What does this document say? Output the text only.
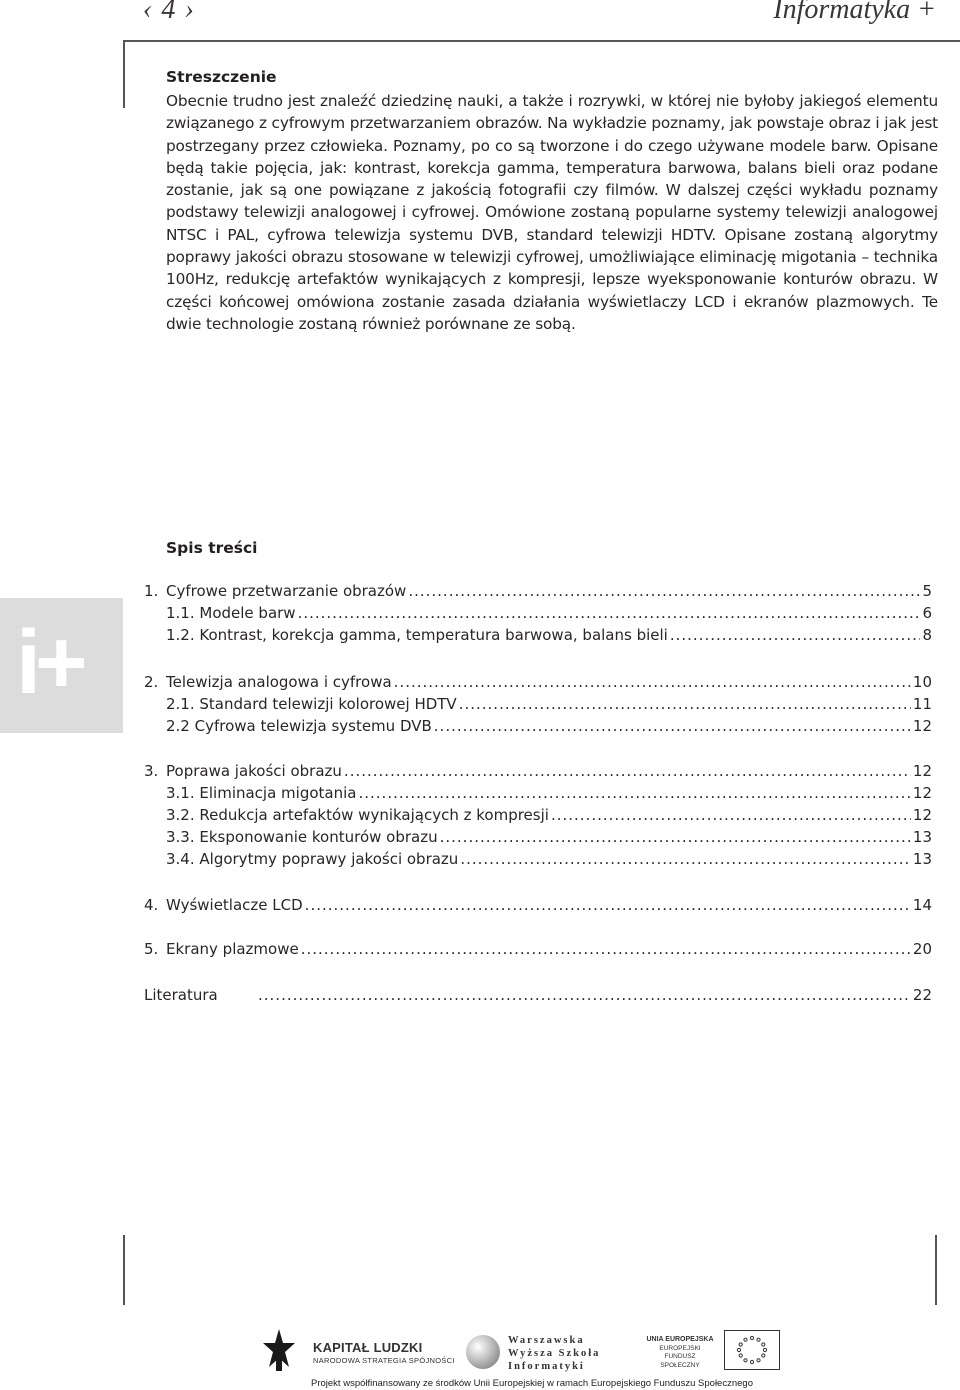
‹ 4 ›	Informatyka +
Streszczenie

Obecnie trudno jest znaleźć dziedzinę nauki, a także i rozrywki, w której nie byłoby jakiegoś elementu związanego z cyfrowym przetwarzaniem obrazów. Na wykładzie poznamy, jak powstaje obraz i jak jest postrzegany przez człowieka. Poznamy, po co są tworzone i do czego używane modele barw. Opisane będą takie pojęcia, jak: kontrast, korekcja gamma, temperatura barwowa, balans bieli oraz podane zostanie, jak są one powiązane z jakością fotografii czy filmów. W dalszej części wykładu poznamy podstawy telewizji analogowej i cyfrowej. Omówione zostaną popularne systemy telewizji analogowej NTSC i PAL, cyfrowa telewizja systemu DVB, standard telewizji HDTV. Opisane zostaną algorytmy poprawy jakości obrazu stosowane w telewizji cyfrowej, umożliwiające eliminację migotania – technika 100Hz, redukcję artefaktów wynikających z kompresji, lepsze wyeksponowanie konturów obrazu. W części końcowej omówiona zostanie zasada działania wyświetlaczy LCD i ekranów plazmowych. Te dwie technologie zostaną również porównane ze sobą.

i+
Spis treści
1. Cyfrowe przetwarzanie obrazów .....	5
1.1. Modele barw .....	6
1.2. Kontrast, korekcja gamma, temperatura barwowa, balans bieli .....	8
2. Telewizja analogowa i cyfrowa .....	10
2.1. Standard telewizji kolorowej HDTV .....	11
2.2 Cyfrowa telewizja systemu DVB .....	12
3. Poprawa jakości obrazu .....	12
3.1. Eliminacja migotania .....	12
3.2. Redukcja artefaktów wynikających z kompresji .....	12
3.3. Eksponowanie konturów obrazu .....	13
3.4. Algorytmy poprawy jakości obrazu .....	13
4. Wyświetlacze LCD .....	14
5. Ekrany plazmowe .....	20
Literatura .....	22
KAPITAŁ LUDZKI
NARODOWA STRATEGIA SPÓJNOŚCI
Warszawska
Wyższa Szkoła
Informatyki
UNIA EUROPEJSKA
EUROPEJSKI
FUNDUSZ SPOŁECZNY
Projekt współfinansowany ze środków Unii Europejskiej w ramach Europejskiego Funduszu Społecznego
